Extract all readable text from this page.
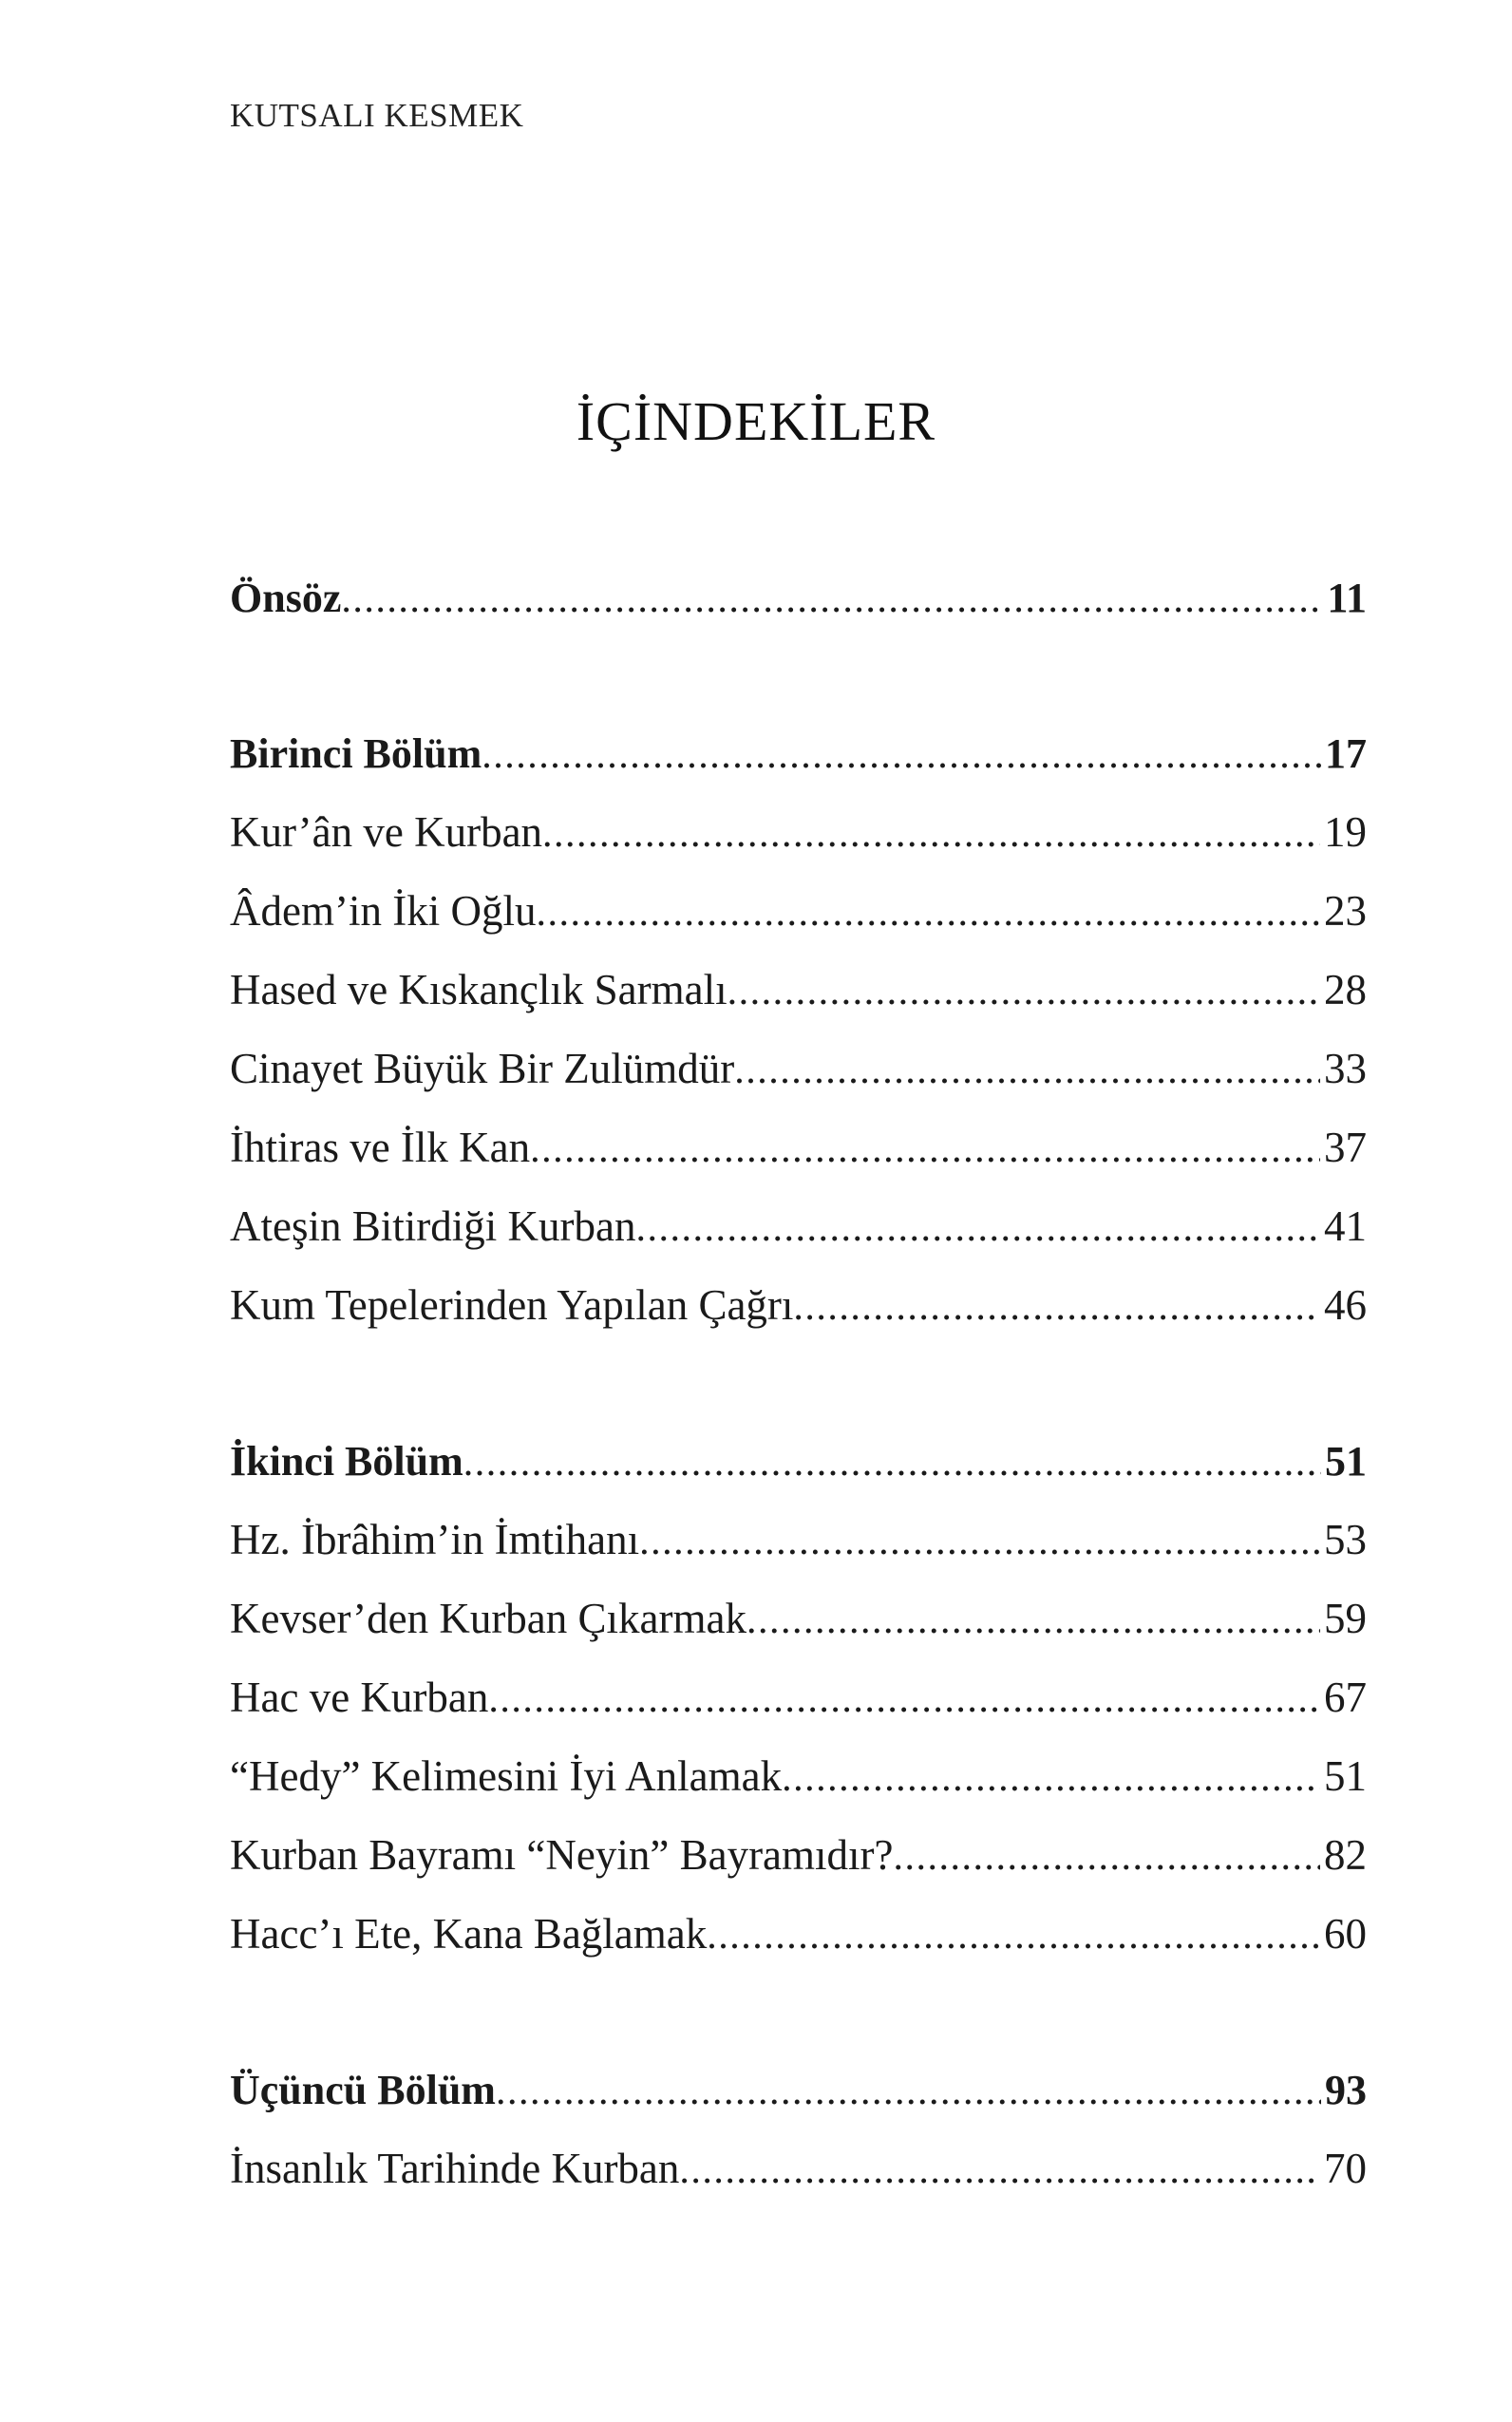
KUTSALI KESMEK
İÇİNDEKİLER
Önsöz .....	11
Birinci Bölüm .....	17
Kur’ân ve Kurban .....	19
Âdem’in İki Oğlu .....	23
Hased ve Kıskançlık Sarmalı .....	28
Cinayet Büyük Bir Zulümdür .....	33
İhtiras ve İlk Kan .....	37
Ateşin Bitirdiği Kurban .....	41
Kum Tepelerinden Yapılan Çağrı .....	46
İkinci Bölüm .....	51
Hz. İbrâhim’in İmtihanı .....	53
Kevser’den Kurban Çıkarmak .....	59
Hac ve Kurban .....	67
“Hedy” Kelimesini İyi Anlamak .....	51
Kurban Bayramı “Neyin” Bayramıdır? .....	82
Hacc’ı Ete, Kana Bağlamak .....	60
Üçüncü Bölüm .....	93
İnsanlık Tarihinde Kurban .....	70
